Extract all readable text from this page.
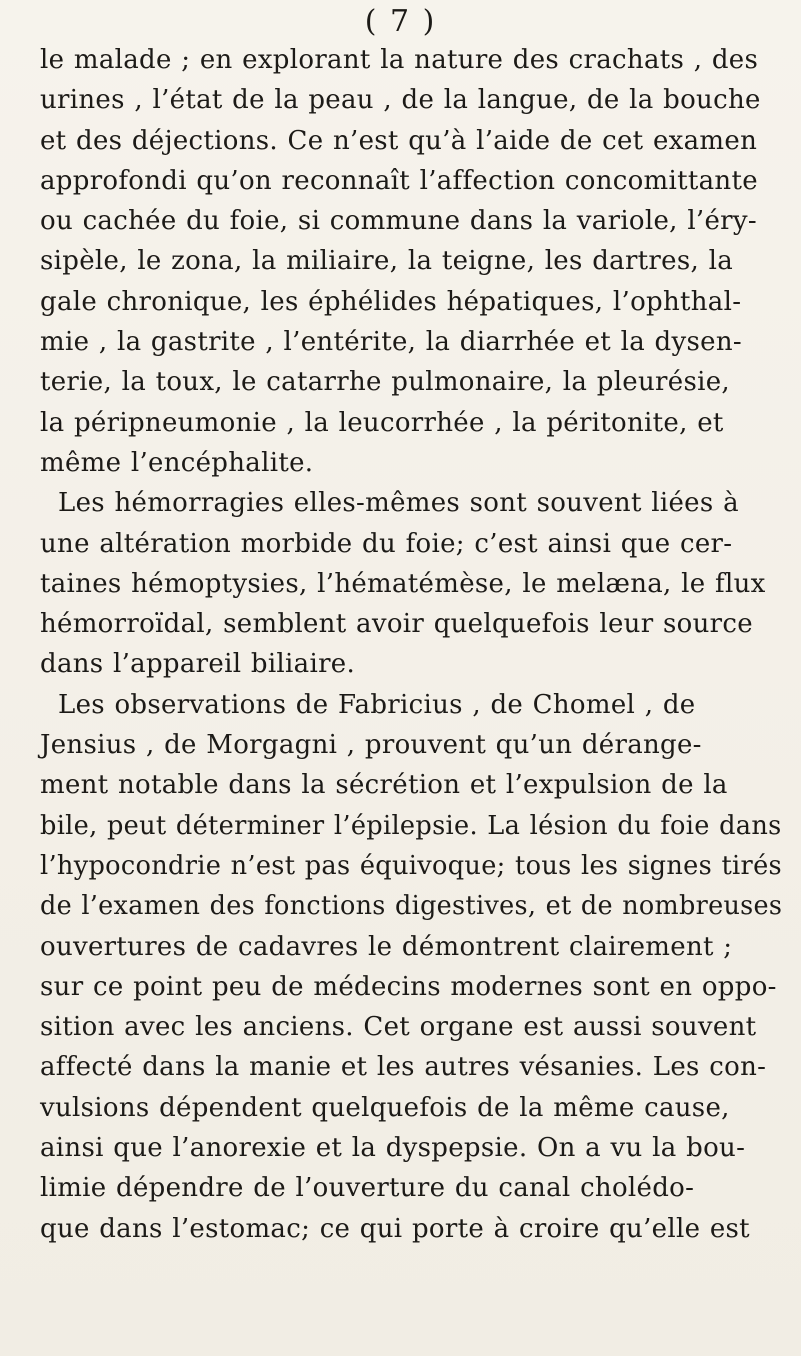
( 7 )
le malade ; en explorant la nature des crachats , des
urines , l’état de la peau , de la langue, de la bouche
et des déjections. Ce n’est qu’à l’aide de cet examen
approfondi qu’on reconnaît l’affection concomittante
ou cachée du foie, si commune dans la variole, l’éry-
sipèle, le zona, la miliaire, la teigne, les dartres, la
gale chronique, les éphélides hépatiques, l’ophthal-
mie , la gastrite , l’entérite, la diarrhée et la dysen-
terie, la toux, le catarrhe pulmonaire, la pleurésie,
la péripneumonie , la leucorrhée , la péritonite, et
même l’encéphalite.
Les hémorragies elles-mêmes sont souvent liées à
une altération morbide du foie; c’est ainsi que cer-
taines hémoptysies, l’hématémèse, le melæna, le flux
hémorroïdal, semblent avoir quelquefois leur source
dans l’appareil biliaire.
Les observations de Fabricius , de Chomel , de
Jensius , de Morgagni , prouvent qu’un dérange-
ment notable dans la sécrétion et l’expulsion de la
bile, peut déterminer l’épilepsie. La lésion du foie dans
l’hypocondrie n’est pas équivoque; tous les signes tirés
de l’examen des fonctions digestives, et de nombreuses
ouvertures de cadavres le démontrent clairement ;
sur ce point peu de médecins modernes sont en oppo-
sition avec les anciens. Cet organe est aussi souvent
affecté dans la manie et les autres vésanies. Les con-
vulsions dépendent quelquefois de la même cause,
ainsi que l’anorexie et la dyspepsie. On a vu la bou-
limie dépendre de l’ouverture du canal cholédo-
que dans l’estomac; ce qui porte à croire qu’elle est
